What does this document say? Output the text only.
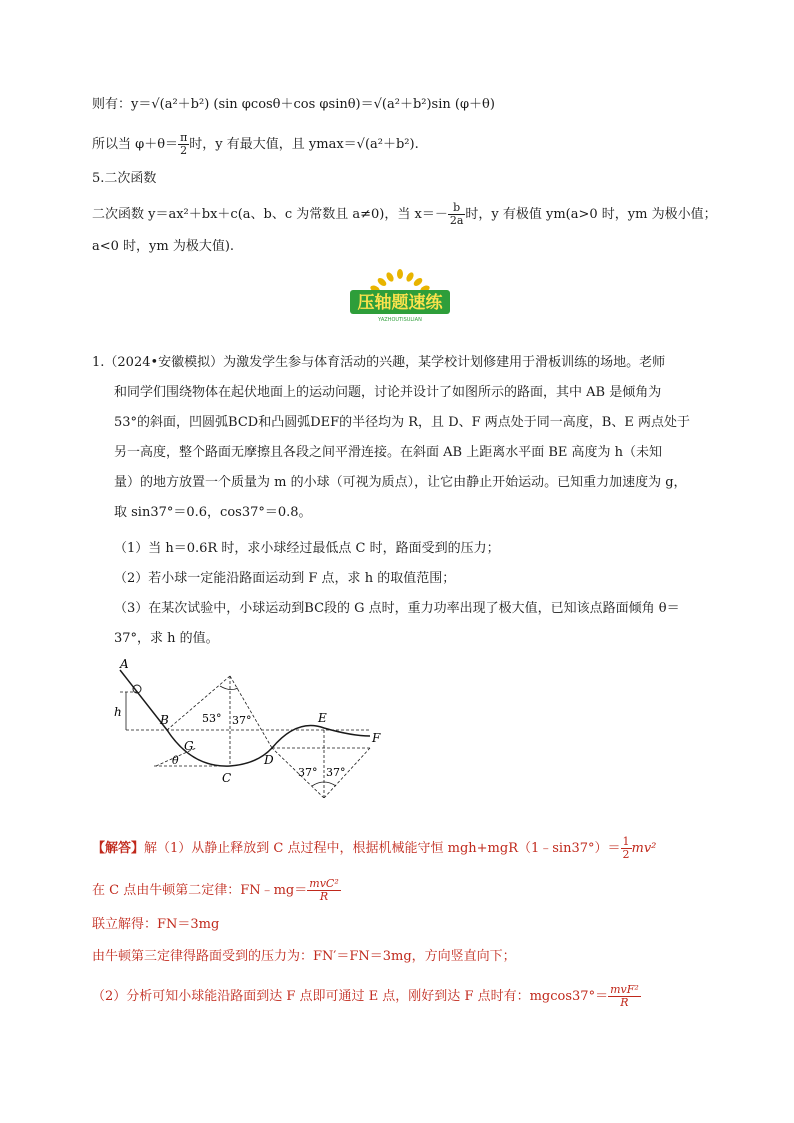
则有：y＝√(a²＋b²) (sin φcosθ＋cos φsinθ)＝√(a²＋b²)sin (φ＋θ)
所以当 $\varphi+\theta= \frac{\pi}{2}$ 时，y 有最大值，且 ymax＝√(a²＋b²).
5.二次函数
二次函数 y＝ax²＋bx＋c(a、b、c 为常数且 a≠0)，当 $x=- \frac{b}{2a}$ 时，y 有极值 ym(a>0 时，ym 为极小值；
a<0 时，ym 为极大值).
压轴题速练
YAZHOUTISULIAN
1.（2024•安徽模拟）为激发学生参与体育活动的兴趣，某学校计划修建用于滑板训练的场地。老师
和同学们围绕物体在起伏地面上的运动问题，讨论并设计了如图所示的路面，其中 AB 是倾角为
53°的斜面，凹圆弧BCD和凸圆弧DEF的半径均为 R，且 D、F 两点处于同一高度，B、E 两点处于
另一高度，整个路面无摩擦且各段之间平滑连接。在斜面 AB 上距离水平面 BE 高度为 h（未知
量）的地方放置一个质量为 m 的小球（可视为质点），让它由静止开始运动。已知重力加速度为 g，
取 sin37°＝0.6，cos37°＝0.8。
（1）当 h＝0.6R 时，求小球经过最低点 C 时，路面受到的压力；
（2）若小球一定能沿路面运动到 F 点，求 h 的取值范围；
（3）在某次试验中，小球运动到BC段的 G 点时，重力功率出现了极大值，已知该点路面倾角 θ＝
37°，求 h 的值。
A
B
C
D
E
F
G
h
θ
53° 37°
37° 37°
【解答】解（1）从静止释放到 C 点过程中，根据机械能守恒 mgh+mgR（1﹣sin37°）＝ $\frac{1}{2} mv^2$
在 C 点由牛顿第二定律：FN﹣mg＝ $\frac{\text{mvC²}}{R}$
联立解得：FN＝3mg
由牛顿第三定律得路面受到的压力为：FN′＝FN＝3mg，方向竖直向下；
（2）分析可知小球能沿路面到达 F 点即可通过 E 点，刚好到达 F 点时有：$mgcos37^\circ= \frac{\text{mvF²}}{R}$
